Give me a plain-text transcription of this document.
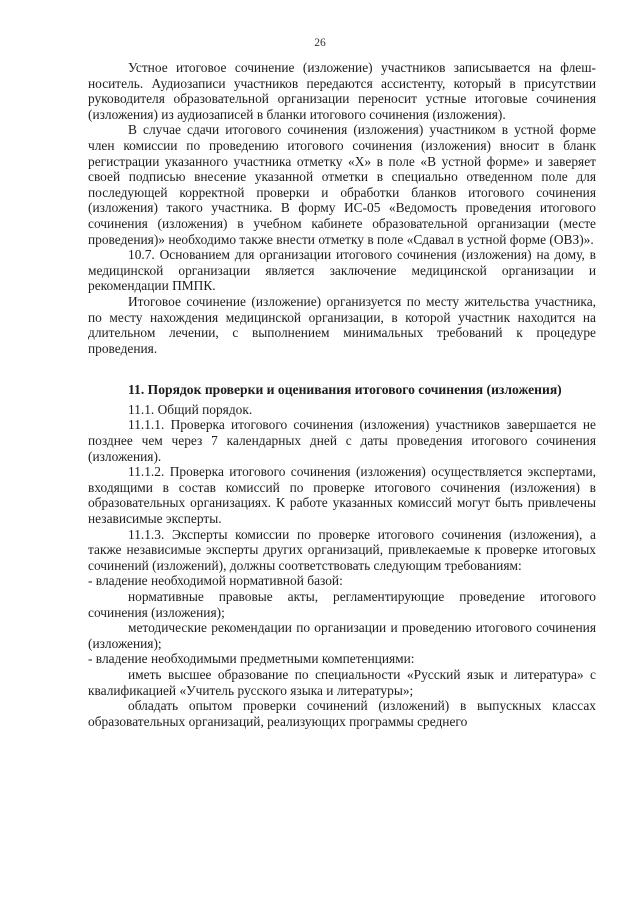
26

Устное итоговое сочинение (изложение) участников записывается на флеш-носитель. Аудиозаписи участников передаются ассистенту, который в присутствии руководителя образовательной организации переносит устные итоговые сочинения (изложения) из аудиозаписей в бланки итогового сочинения (изложения).

В случае сдачи итогового сочинения (изложения) участником в устной форме член комиссии по проведению итогового сочинения (изложения) вносит в бланк регистрации указанного участника отметку «Х» в поле «В устной форме» и заверяет своей подписью внесение указанной отметки в специально отведенном поле для последующей корректной проверки и обработки бланков итогового сочинения (изложения) такого участника. В форму ИС-05 «Ведомость проведения итогового сочинения (изложения) в учебном кабинете образовательной организации (месте проведения)» необходимо также внести отметку в поле «Сдавал в устной форме (ОВЗ)».

10.7. Основанием для организации итогового сочинения (изложения) на дому, в медицинской организации является заключение медицинской организации и рекомендации ПМПК.

Итоговое сочинение (изложение) организуется по месту жительства участника, по месту нахождения медицинской организации, в которой участник находится на длительном лечении, с выполнением минимальных требований к процедуре проведения.

11. Порядок проверки и оценивания итогового сочинения (изложения)

11.1. Общий порядок.

11.1.1. Проверка итогового сочинения (изложения) участников завершается не позднее чем через 7 календарных дней с даты проведения итогового сочинения (изложения).

11.1.2. Проверка итогового сочинения (изложения) осуществляется экспертами, входящими в состав комиссий по проверке итогового сочинения (изложения) в образовательных организациях. К работе указанных комиссий могут быть привлечены независимые эксперты.

11.1.3. Эксперты комиссии по проверке итогового сочинения (изложения), а также независимые эксперты других организаций, привлекаемые к проверке итоговых сочинений (изложений), должны соответствовать следующим требованиям:

- владение необходимой нормативной базой:

нормативные правовые акты, регламентирующие проведение итогового сочинения (изложения);

методические рекомендации по организации и проведению итогового сочинения (изложения);

- владение необходимыми предметными компетенциями:

иметь высшее образование по специальности «Русский язык и литература» с квалификацией «Учитель русского языка и литературы»;

обладать опытом проверки сочинений (изложений) в выпускных классах образовательных организаций, реализующих программы среднего
